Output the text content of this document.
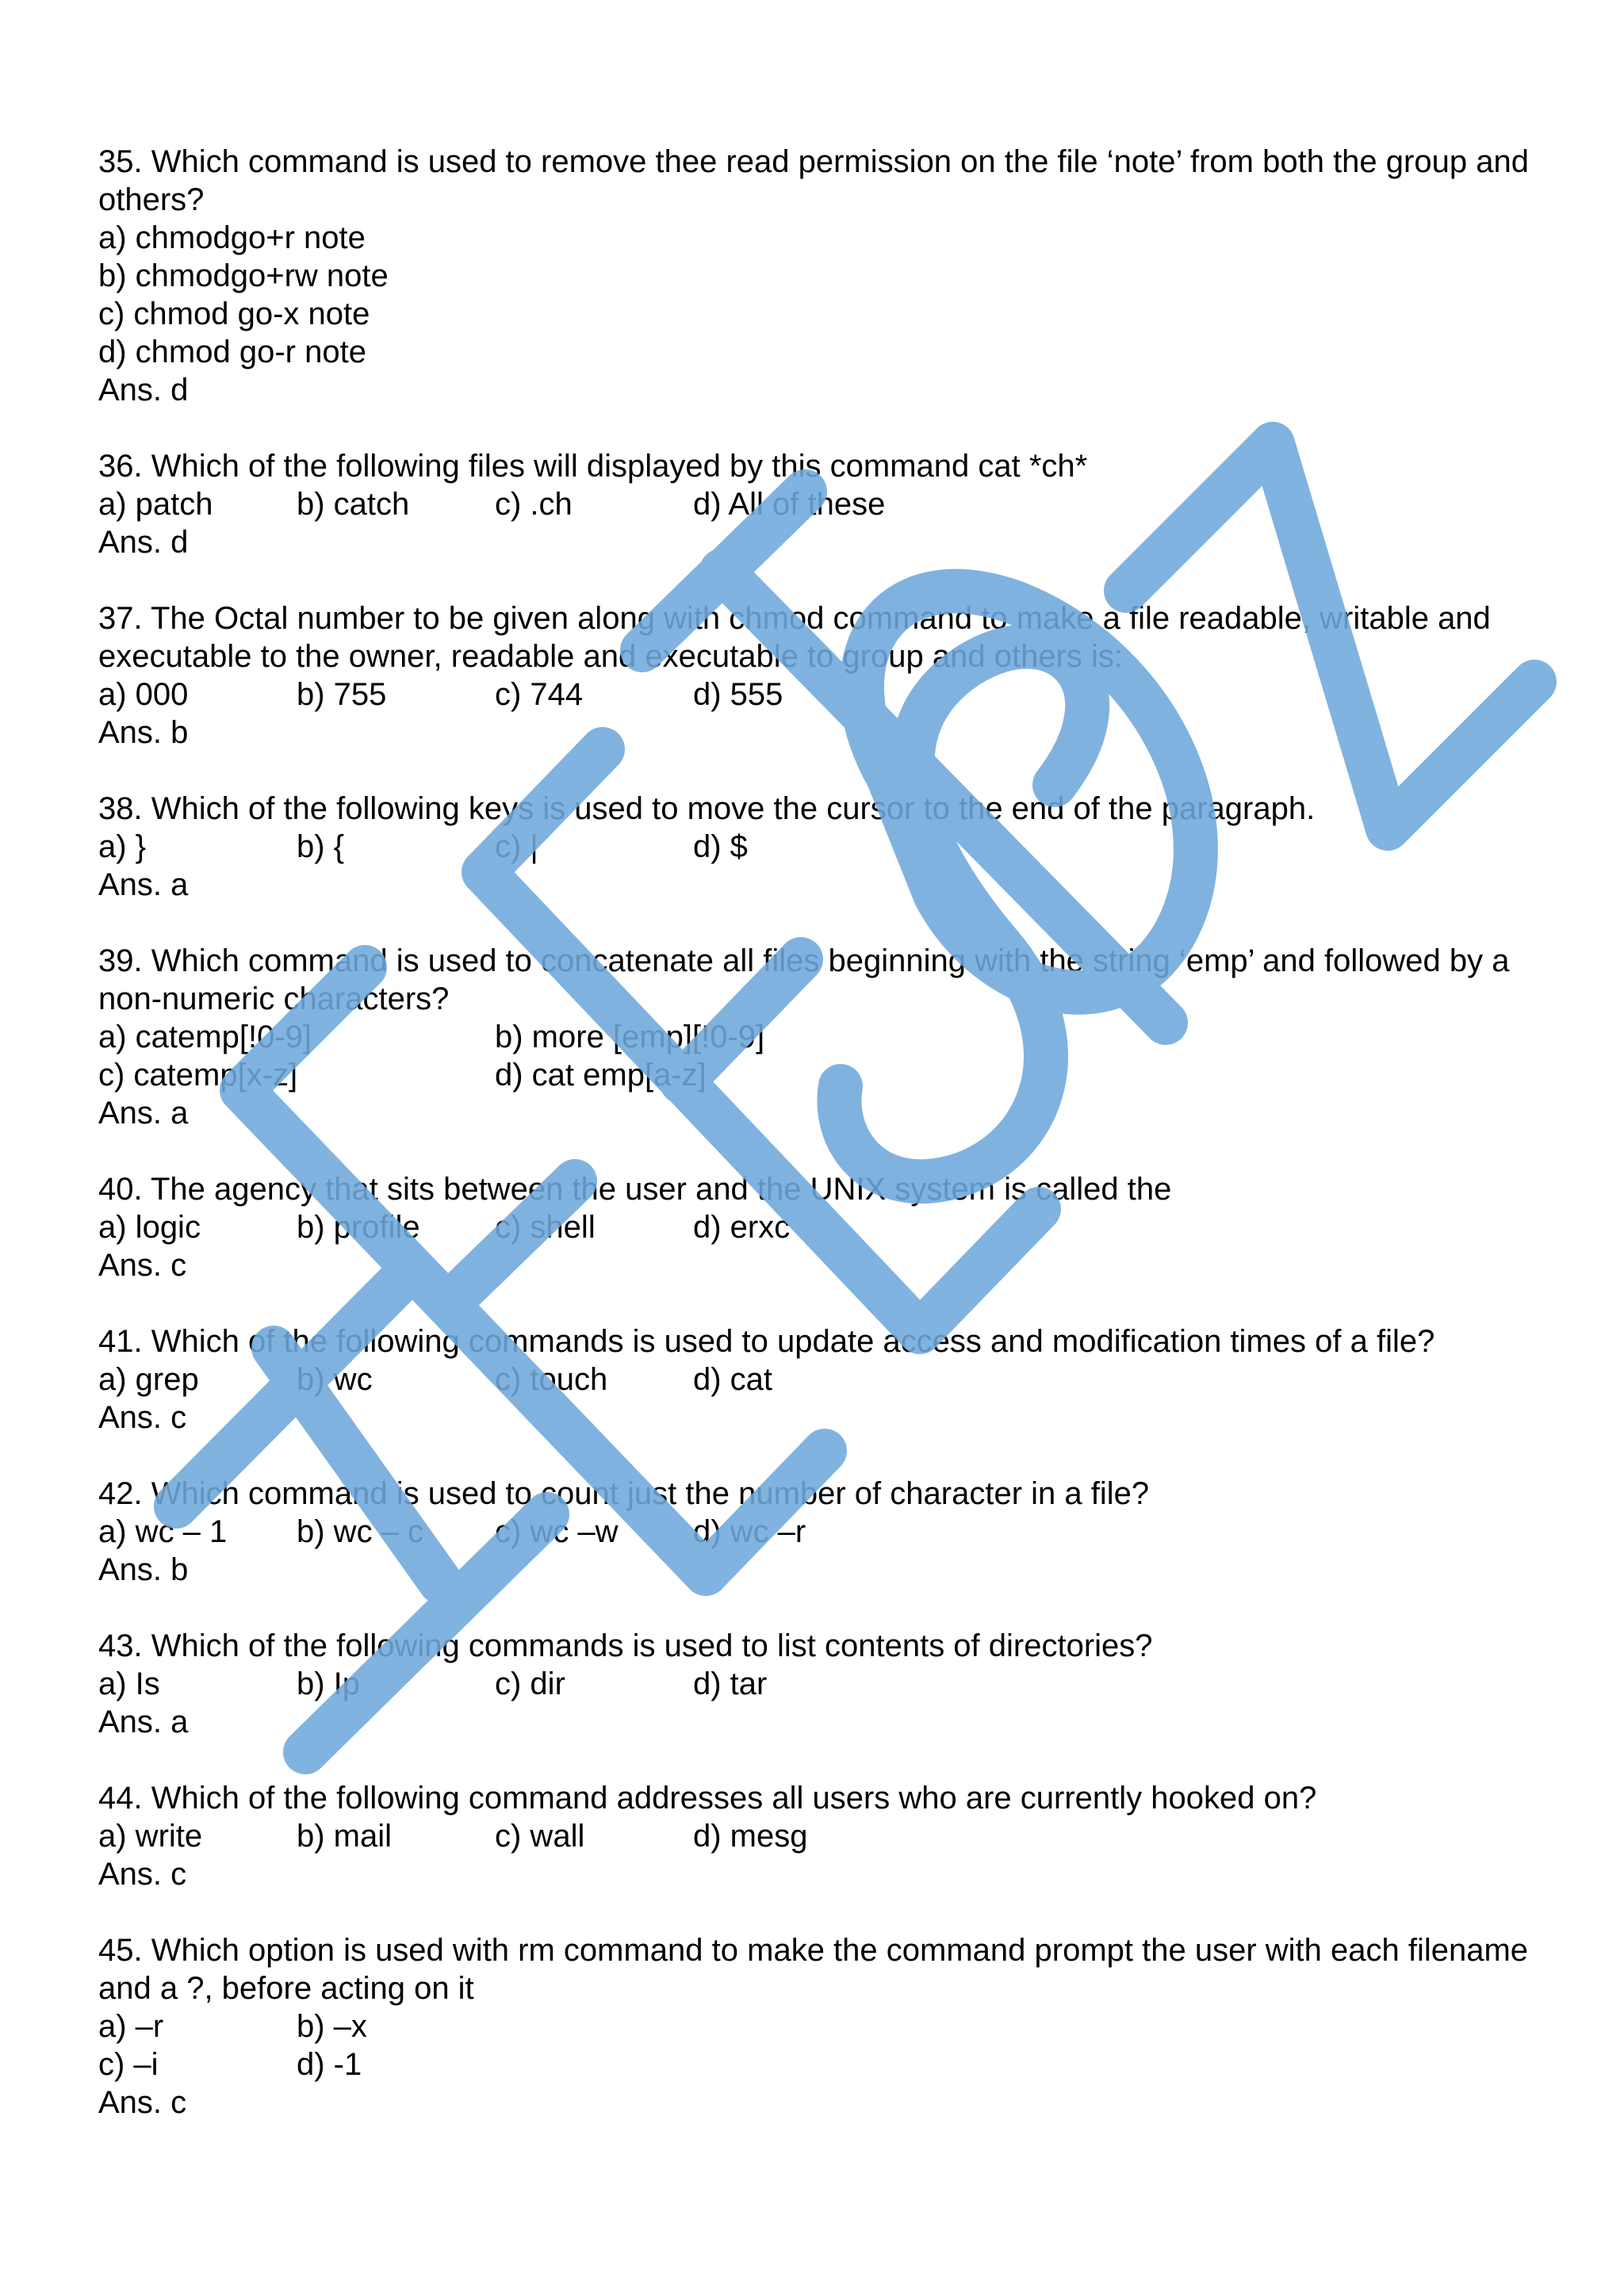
35. Which command is used to remove thee read permission on the file ‘note’ from both the group and others?
a) chmodgo+r note
b) chmodgo+rw note
c) chmod go-x note
d) chmod go-r note
Ans. d
36. Which of the following files will displayed by this command cat *ch*
a) patch	b) catch	c) .ch	d) All of these
Ans. d
37. The Octal number to be given along with chmod command to make a file readable, writable and executable to the owner, readable and executable to group and others is:
a) 000	b) 755	c) 744	d) 555
Ans. b
38. Which of the following keys is used to move the cursor to the end of the paragraph.
a) }	b) {	c) |	d) $
Ans. a
39. Which command is used to concatenate all files beginning with the string ‘emp’ and followed by a non-numeric characters?
a) catemp[!0-9]	b) more [emp][!0-9]
c) catemp[x-z]	d) cat emp[a-z]
Ans. a
40. The agency that sits between the user and the UNIX system is called the
a) logic	b) profile	c) shell	d) erxc
Ans. c
41. Which of the following commands is used to update access and modification times of a file?
a) grep	b) wc	c) touch	d) cat
Ans. c
42. Which command is used to count just the number of character in a file?
a) wc – 1	b) wc – c	c) wc –w	d) wc –r
Ans. b
43. Which of the following commands is used to list contents of directories?
a) Is	b) Ip	c) dir	d) tar
Ans. a
44. Which of the following command addresses all users who are currently hooked on?
a) write	b) mail	c) wall	d) mesg
Ans. c
45. Which option is used with rm command to make the command prompt the user with each filename and a ?, before acting on it
a) –r	b) –x
c) –i	d) -1
Ans. c
